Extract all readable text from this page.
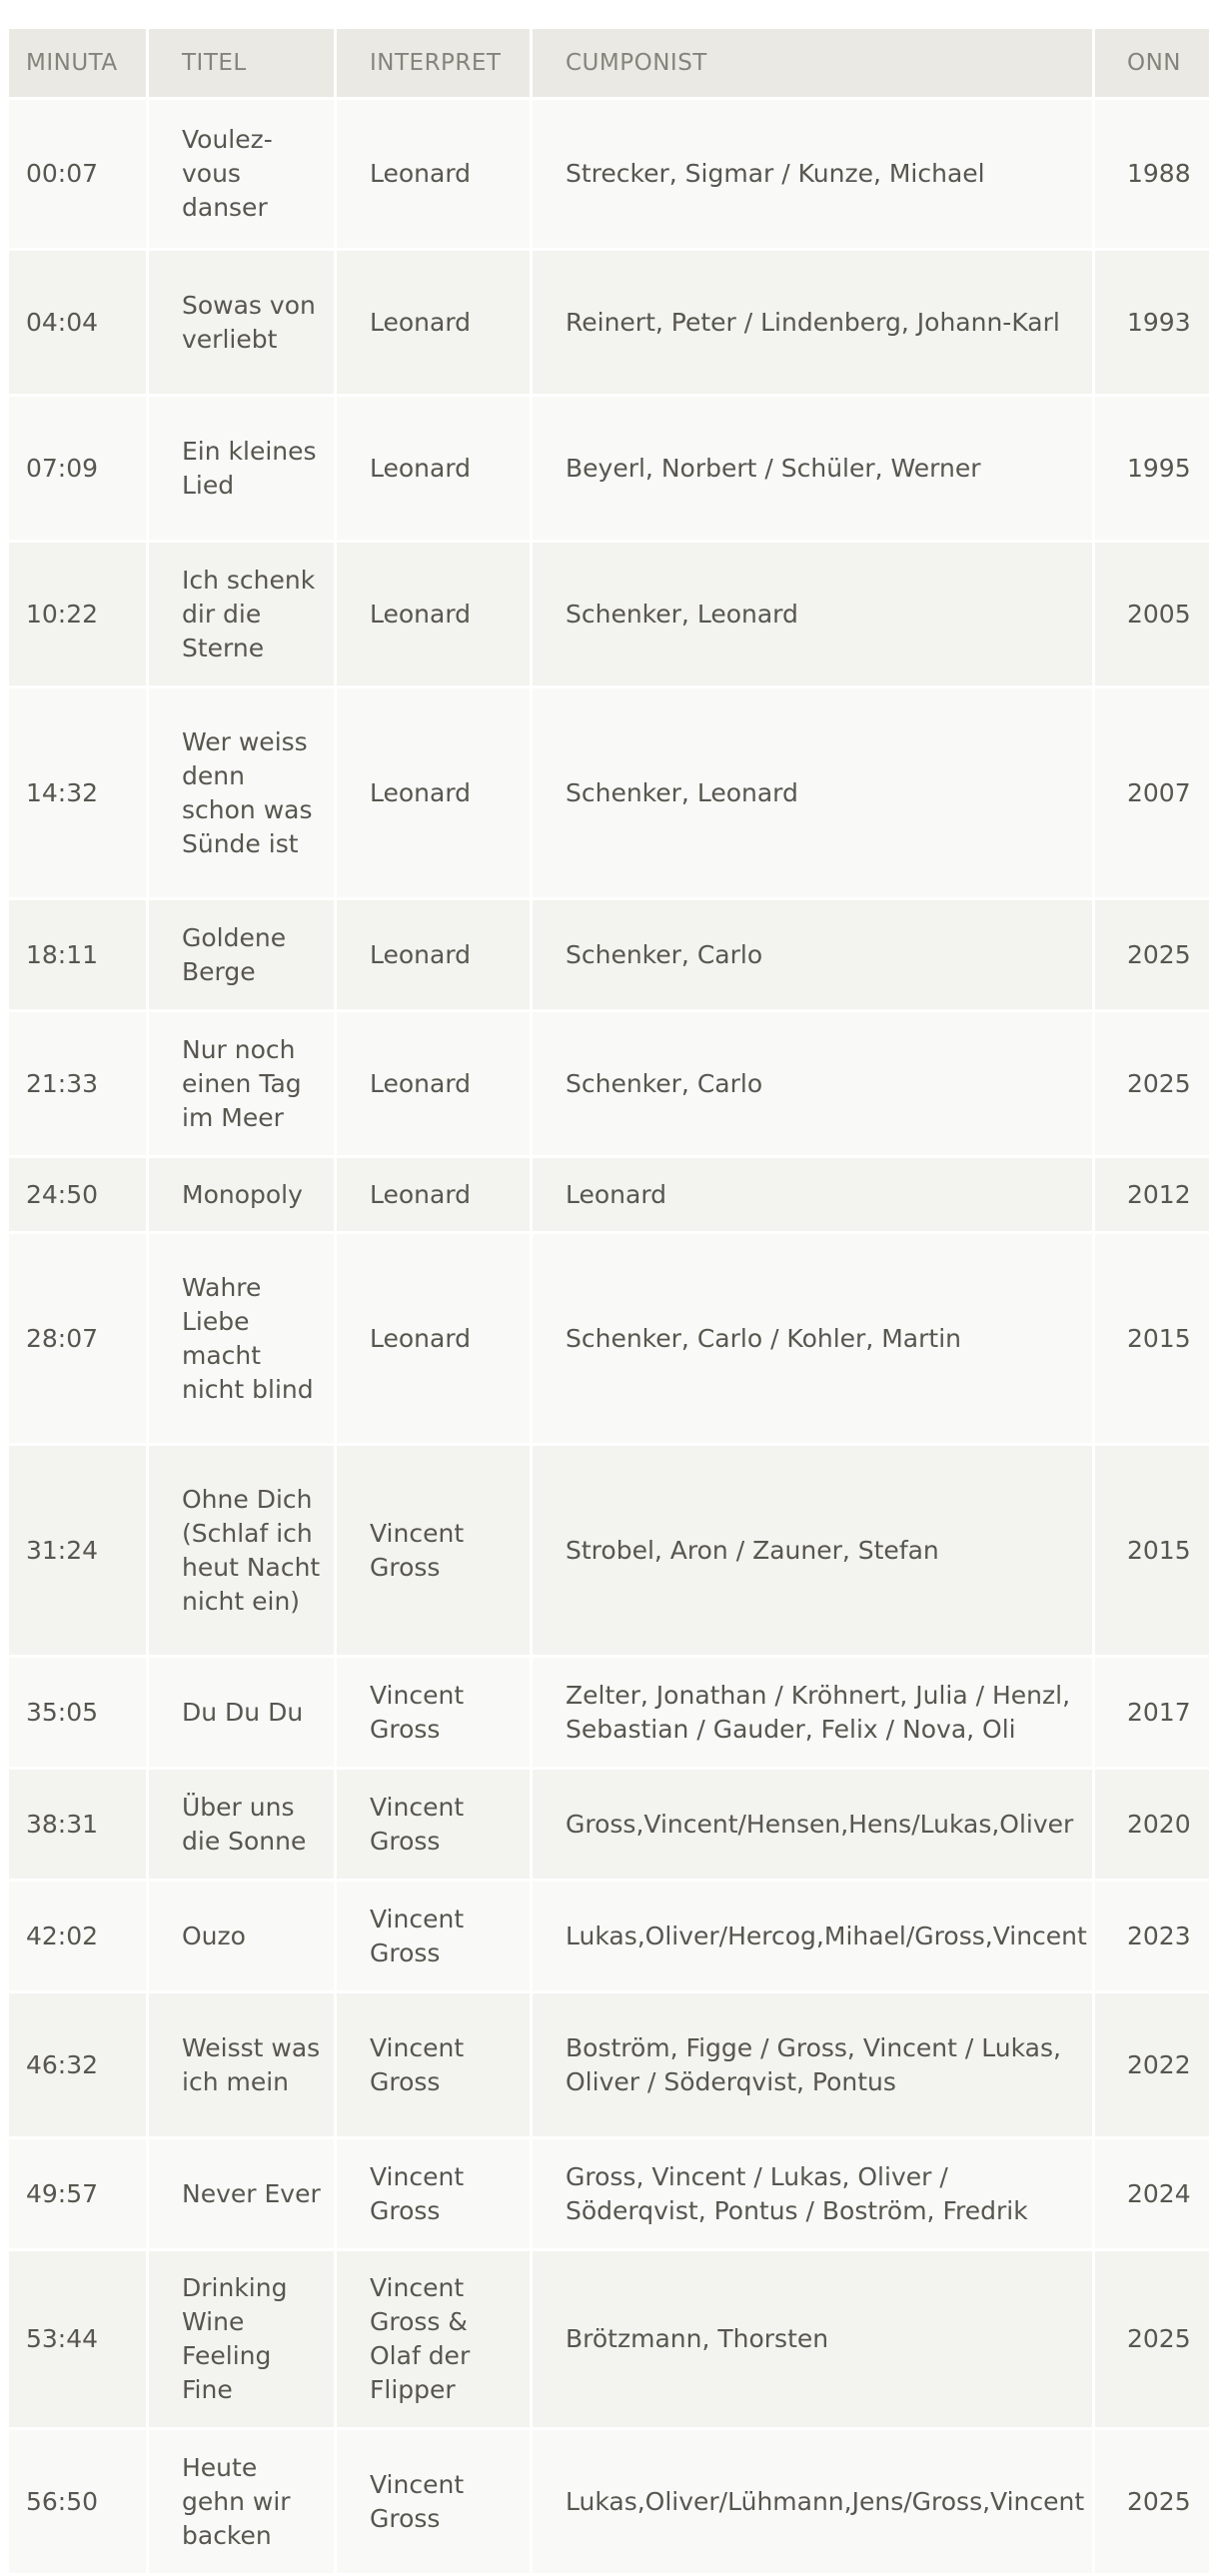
MINUTA	TITEL	INTERPRET	CUMPONIST	ONN
00:07	Voulez-vous danser	Leonard	Strecker, Sigmar / Kunze, Michael	1988
04:04	Sowas von verliebt	Leonard	Reinert, Peter / Lindenberg, Johann-Karl	1993
07:09	Ein kleines Lied	Leonard	Beyerl, Norbert / Schüler, Werner	1995
10:22	Ich schenk dir die Sterne	Leonard	Schenker, Leonard	2005
14:32	Wer weiss denn schon was Sünde ist	Leonard	Schenker, Leonard	2007
18:11	Goldene Berge	Leonard	Schenker, Carlo	2025
21:33	Nur noch einen Tag im Meer	Leonard	Schenker, Carlo	2025
24:50	Monopoly	Leonard	Leonard	2012
28:07	Wahre Liebe macht nicht blind	Leonard	Schenker, Carlo / Kohler, Martin	2015
31:24	Ohne Dich (Schlaf ich heut Nacht nicht ein)	Vincent Gross	Strobel, Aron / Zauner, Stefan	2015
35:05	Du Du Du	Vincent Gross	Zelter, Jonathan / Kröhnert, Julia / Henzl, Sebastian / Gauder, Felix / Nova, Oli	2017
38:31	Über uns die Sonne	Vincent Gross	Gross,Vincent/Hensen,Hens/Lukas,Oliver	2020
42:02	Ouzo	Vincent Gross	Lukas,Oliver/Hercog,Mihael/Gross,Vincent	2023
46:32	Weisst was ich mein	Vincent Gross	Boström, Figge / Gross, Vincent / Lukas, Oliver / Söderqvist, Pontus	2022
49:57	Never Ever	Vincent Gross	Gross, Vincent / Lukas, Oliver / Söderqvist, Pontus / Boström, Fredrik	2024
53:44	Drinking Wine Feeling Fine	Vincent Gross & Olaf der Flipper	Brötzmann, Thorsten	2025
56:50	Heute gehn wir backen	Vincent Gross	Lukas,Oliver/Lühmann,Jens/Gross,Vincent	2025
